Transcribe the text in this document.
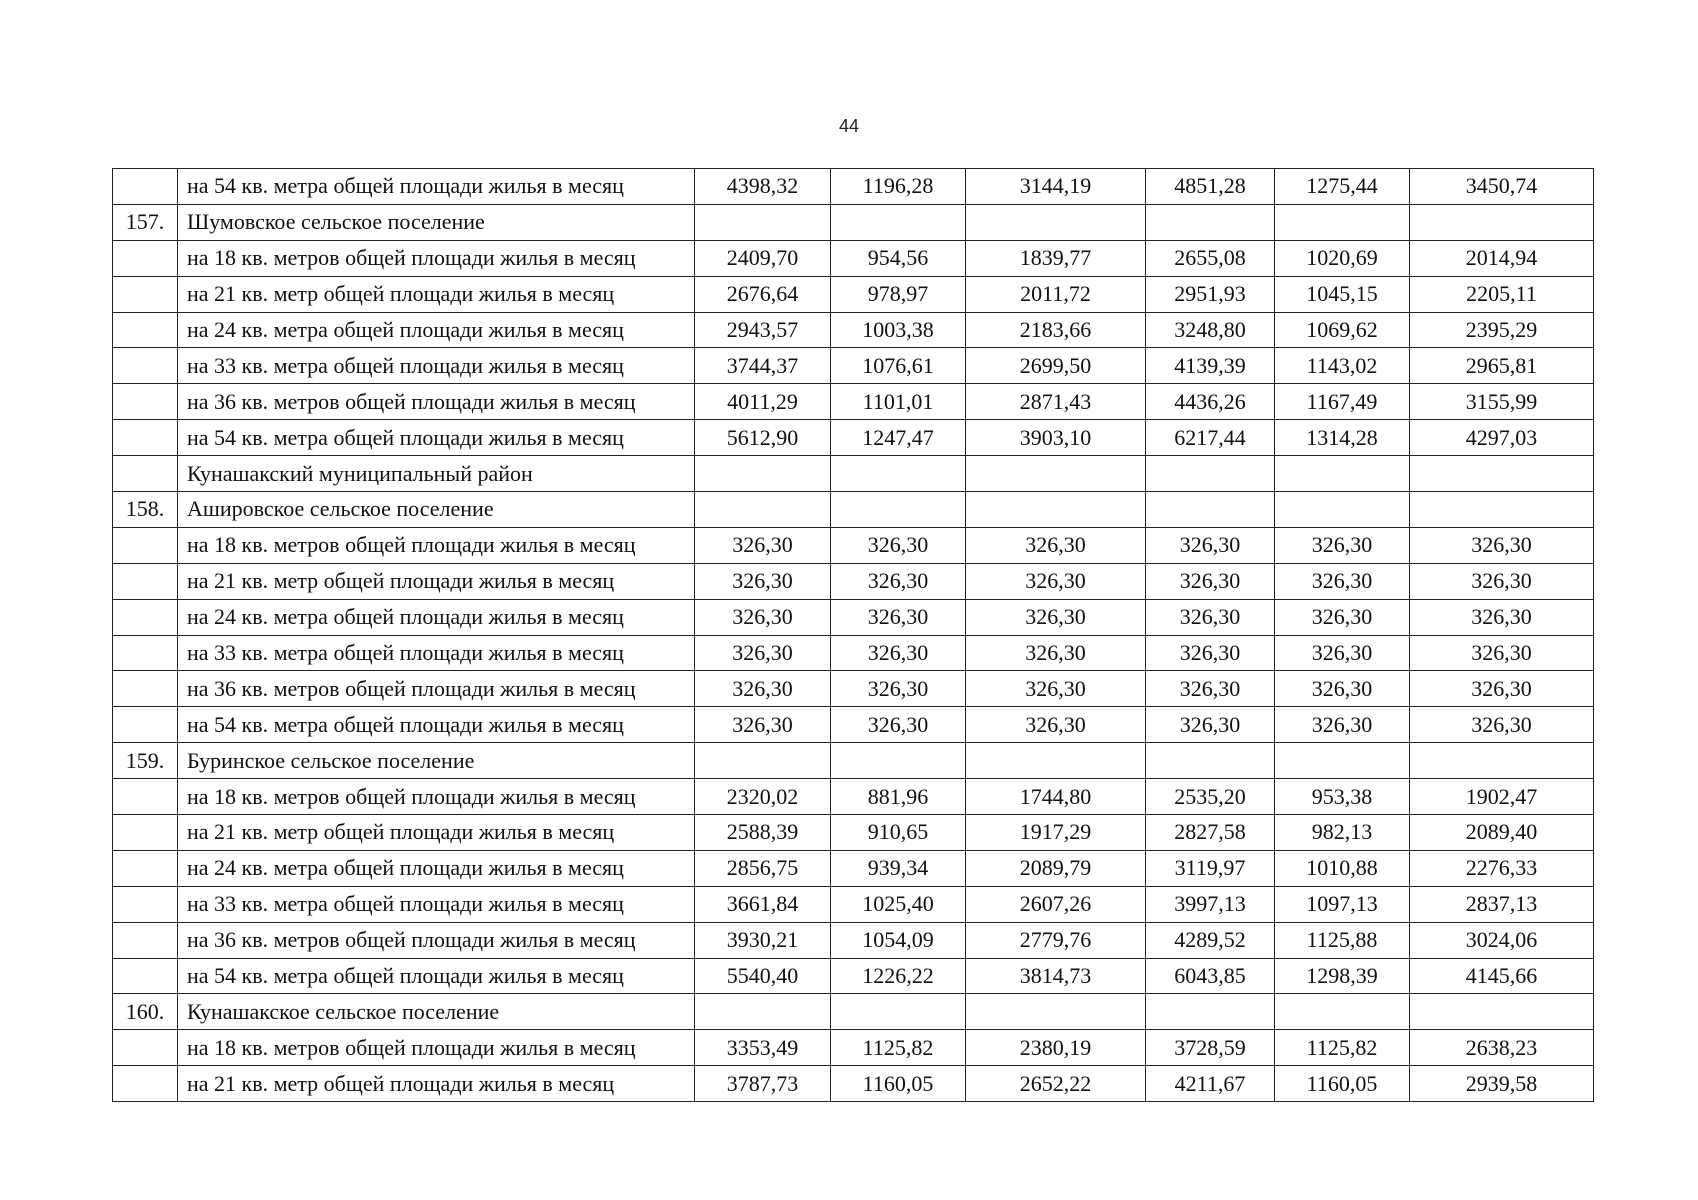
44
	на 54 кв. метра общей площади жилья в месяц	4398,32	1196,28	3144,19	4851,28	1275,44	3450,74
157.	Шумовское сельское поселение						
	на 18 кв. метров общей площади жилья в месяц	2409,70	954,56	1839,77	2655,08	1020,69	2014,94
	на 21 кв. метр общей площади жилья в месяц	2676,64	978,97	2011,72	2951,93	1045,15	2205,11
	на 24 кв. метра общей площади жилья в месяц	2943,57	1003,38	2183,66	3248,80	1069,62	2395,29
	на 33 кв. метра общей площади жилья в месяц	3744,37	1076,61	2699,50	4139,39	1143,02	2965,81
	на 36 кв. метров общей площади жилья в месяц	4011,29	1101,01	2871,43	4436,26	1167,49	3155,99
	на 54 кв. метра общей площади жилья в месяц	5612,90	1247,47	3903,10	6217,44	1314,28	4297,03
	Кунашакский муниципальный район						
158.	Ашировское сельское поселение						
	на 18 кв. метров общей площади жилья в месяц	326,30	326,30	326,30	326,30	326,30	326,30
	на 21 кв. метр общей площади жилья в месяц	326,30	326,30	326,30	326,30	326,30	326,30
	на 24 кв. метра общей площади жилья в месяц	326,30	326,30	326,30	326,30	326,30	326,30
	на 33 кв. метра общей площади жилья в месяц	326,30	326,30	326,30	326,30	326,30	326,30
	на 36 кв. метров общей площади жилья в месяц	326,30	326,30	326,30	326,30	326,30	326,30
	на 54 кв. метра общей площади жилья в месяц	326,30	326,30	326,30	326,30	326,30	326,30
159.	Буринское сельское поселение						
	на 18 кв. метров общей площади жилья в месяц	2320,02	881,96	1744,80	2535,20	953,38	1902,47
	на 21 кв. метр общей площади жилья в месяц	2588,39	910,65	1917,29	2827,58	982,13	2089,40
	на 24 кв. метра общей площади жилья в месяц	2856,75	939,34	2089,79	3119,97	1010,88	2276,33
	на 33 кв. метра общей площади жилья в месяц	3661,84	1025,40	2607,26	3997,13	1097,13	2837,13
	на 36 кв. метров общей площади жилья в месяц	3930,21	1054,09	2779,76	4289,52	1125,88	3024,06
	на 54 кв. метра общей площади жилья в месяц	5540,40	1226,22	3814,73	6043,85	1298,39	4145,66
160.	Кунашакское сельское поселение						
	на 18 кв. метров общей площади жилья в месяц	3353,49	1125,82	2380,19	3728,59	1125,82	2638,23
	на 21 кв. метр общей площади жилья в месяц	3787,73	1160,05	2652,22	4211,67	1160,05	2939,58
